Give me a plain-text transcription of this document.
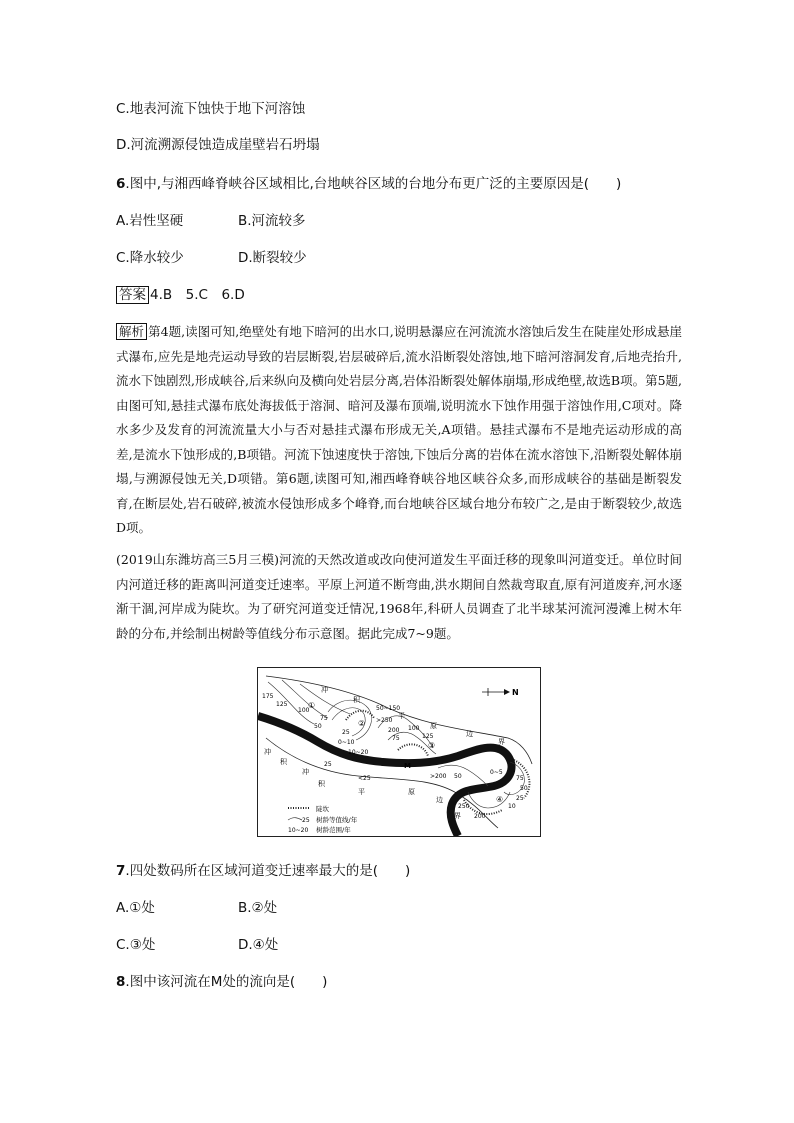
C.地表河流下蚀快于地下河溶蚀
D.河流溯源侵蚀造成崖壁岩石坍塌
6.图中,与湘西峰脊峡谷区域相比,台地峡谷区域的台地分布更广泛的主要原因是(　　)
A.岩性坚硬	B.河流较多
C.降水较少	D.断裂较少
答案 4.B　5.C　6.D

解析 第4题,读图可知,绝壁处有地下暗河的出水口,说明悬瀑应在河流流水溶蚀后发生在陡崖处形成悬崖式瀑布,应先是地壳运动导致的岩层断裂,岩层破碎后,流水沿断裂处溶蚀,地下暗河溶洞发育,后地壳抬升,流水下蚀剧烈,形成峡谷,后来纵向及横向处岩层分离,岩体沿断裂处解体崩塌,形成绝壁,故选B项。第5题,由图可知,悬挂式瀑布底处海拔低于溶洞、暗河及瀑布顶端,说明流水下蚀作用强于溶蚀作用,C项对。降水多少及发育的河流流量大小与否对悬挂式瀑布形成无关,A项错。悬挂式瀑布不是地壳运动形成的高差,是流水下蚀形成的,B项错。河流下蚀速度快于溶蚀,下蚀后分离的岩体在流水溶蚀下,沿断裂处解体崩塌,与溯源侵蚀无关,D项错。第6题,读图可知,湘西峰脊峡谷地区峡谷众多,而形成峡谷的基础是断裂发育,在断层处,岩石破碎,被流水侵蚀形成多个峰脊,而台地峡谷区域台地分布较广之,是由于断裂较少,故选D项。

(2019山东潍坊高三5月三模)河流的天然改道或改向使河道发生平面迁移的现象叫河道变迁。单位时间内河道迁移的距离叫河道变迁速率。平原上河道不断弯曲,洪水期间自然裁弯取直,原有河道废弃,河水逐渐干涸,河岸成为陡坎。为了研究河道变迁情况,1968年,科研人员调查了北半球某河流河漫滩上树木年龄的分布,并绘制出树龄等值线分布示意图。据此完成7~9题。

N
冲
积
平
原
边
界
冲
积
平	原
边
界
冲
积
175
125
100
75
50
25
50~150
>250
200 100
75	125
0~10
10~20
25
<25
M
>200 50
0~5
250
200
75
50
25
10
①
②
③
④
陡坎
25 树龄等值线/年
10~20 树龄范围/年
7.四处数码所在区域河道变迁速率最大的是(　　)
A.①处	B.②处
C.③处	D.④处
8.图中该河流在M处的流向是(　　)
